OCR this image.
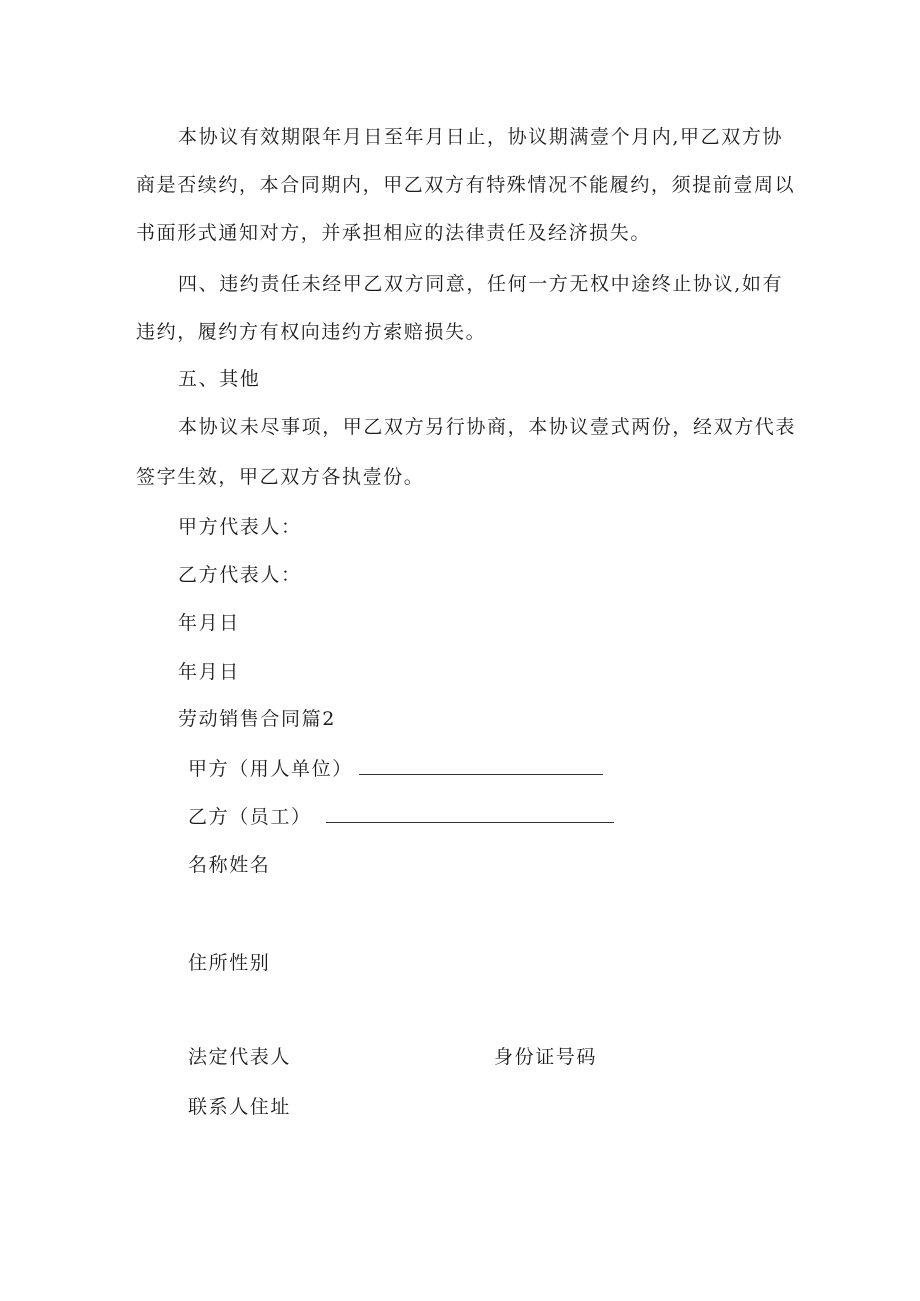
本协议有效期限年月日至年月日止，协议期满壹个月内,甲乙双方协
商是否续约，本合同期内，甲乙双方有特殊情况不能履约，须提前壹周以
书面形式通知对方，并承担相应的法律责任及经济损失。
四、违约责任未经甲乙双方同意，任何一方无权中途终止协议,如有
违约，履约方有权向违约方索赔损失。
五、其他
本协议未尽事项，甲乙双方另行协商，本协议壹式两份，经双方代表
签字生效，甲乙双方各执壹份。
甲方代表人：
乙方代表人：
年月日
年月日
劳动销售合同篇2
甲方（用人单位）
乙方（员工）
名称姓名
住所性别
法定代表人	身份证号码
联系人住址
